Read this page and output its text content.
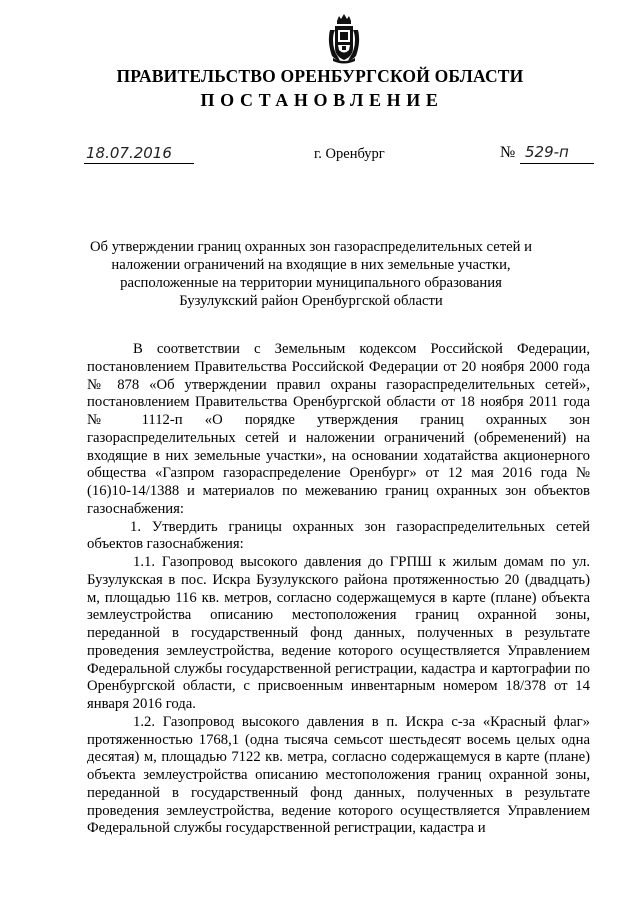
ПРАВИТЕЛЬСТВО ОРЕНБУРГСКОЙ ОБЛАСТИ
ПОСТАНОВЛЕНИЕ
18.07.2016	г. Оренбург	№ 529-п
Об утверждении границ охранных зон газораспределительных сетей и наложении ограничений на входящие в них земельные участки, расположенные на территории муниципального образования Бузулукский район Оренбургской области

В соответствии с Земельным кодексом Российской Федерации, постановлением Правительства Российской Федерации от 20 ноября 2000 года № 878 «Об утверждении правил охраны газораспределительных сетей», постановлением Правительства Оренбургской области от 18 ноября 2011 года № 1112-п «О порядке утверждения границ охранных зон газораспределительных сетей и наложении ограничений (обременений) на входящие в них земельные участки», на основании ходатайства акционерного общества «Газпром газораспределение Оренбург» от 12 мая 2016 года № (16)10-14/1388 и материалов по межеванию границ охранных зон объектов газоснабжения:

1. Утвердить границы охранных зон газораспределительных сетей объектов газоснабжения:

1.1. Газопровод высокого давления до ГРПШ к жилым домам по ул. Бузулукская в пос. Искра Бузулукского района протяженностью 20 (двадцать) м, площадью 116 кв. метров, согласно содержащемуся в карте (плане) объекта землеустройства описанию местоположения границ охранной зоны, переданной в государственный фонд данных, полученных в результате проведения землеустройства, ведение которого осуществляется Управлением Федеральной службы государственной регистрации, кадастра и картографии по Оренбургской области, с присвоенным инвентарным номером 18/378 от 14 января 2016 года.

1.2. Газопровод высокого давления в п. Искра с-за «Красный флаг» протяженностью 1768,1 (одна тысяча семьсот шестьдесят восемь целых одна десятая) м, площадью 7122 кв. метра, согласно содержащемуся в карте (плане) объекта землеустройства описанию местоположения границ охранной зоны, переданной в государственный фонд данных, полученных в результате проведения землеустройства, ведение которого осуществляется Управлением Федеральной службы государственной регистрации, кадастра и
